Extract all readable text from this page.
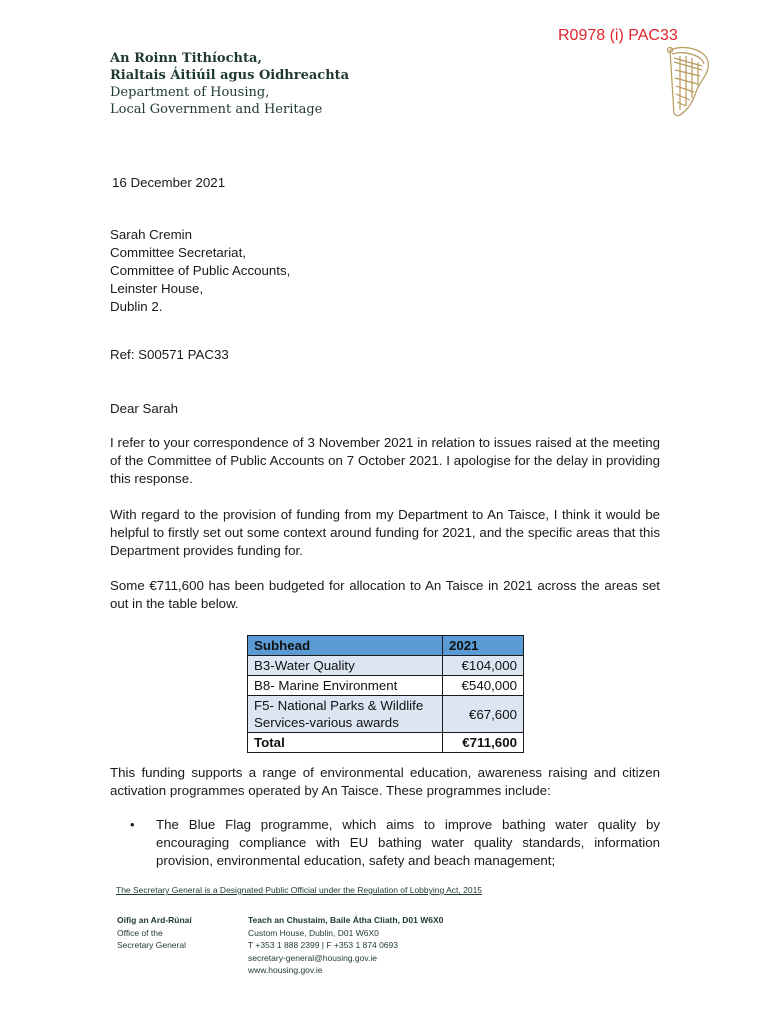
R0978 (i) PAC33
An Roinn Tithíochta,
Rialtais Áitiúil agus Oidhreachta
Department of Housing,
Local Government and Heritage
16 December 2021
Sarah Cremin
Committee Secretariat,
Committee of Public Accounts,
Leinster House,
Dublin 2.
Ref: S00571 PAC33
Dear Sarah
I refer to your correspondence of 3 November 2021 in relation to issues raised at the meeting of the Committee of Public Accounts on 7 October 2021. I apologise for the delay in providing this response.
With regard to the provision of funding from my Department to An Taisce, I think it would be helpful to firstly set out some context around funding for 2021, and the specific areas that this Department provides funding for.
Some €711,600 has been budgeted for allocation to An Taisce in 2021 across the areas set out in the table below.
Subhead	2021
B3-Water Quality	€104,000
B8- Marine Environment	€540,000
F5- National Parks & Wildlife Services-various awards	€67,600
Total	€711,600
This funding supports a range of environmental education, awareness raising and citizen activation programmes operated by An Taisce. These programmes include:
• The Blue Flag programme, which aims to improve bathing water quality by encouraging compliance with EU bathing water quality standards, information provision, environmental education, safety and beach management;
The Secretary General is a Designated Public Official under the Regulation of Lobbying Act, 2015
Oifig an Ard-Rúnaí
Office of the
Secretary General
Teach an Chustaim, Baile Átha Cliath, D01 W6X0
Custom House, Dublin, D01 W6X0
T +353 1 888 2399 | F +353 1 874 0693
secretary-general@housing.gov.ie
www.housing.gov.ie
